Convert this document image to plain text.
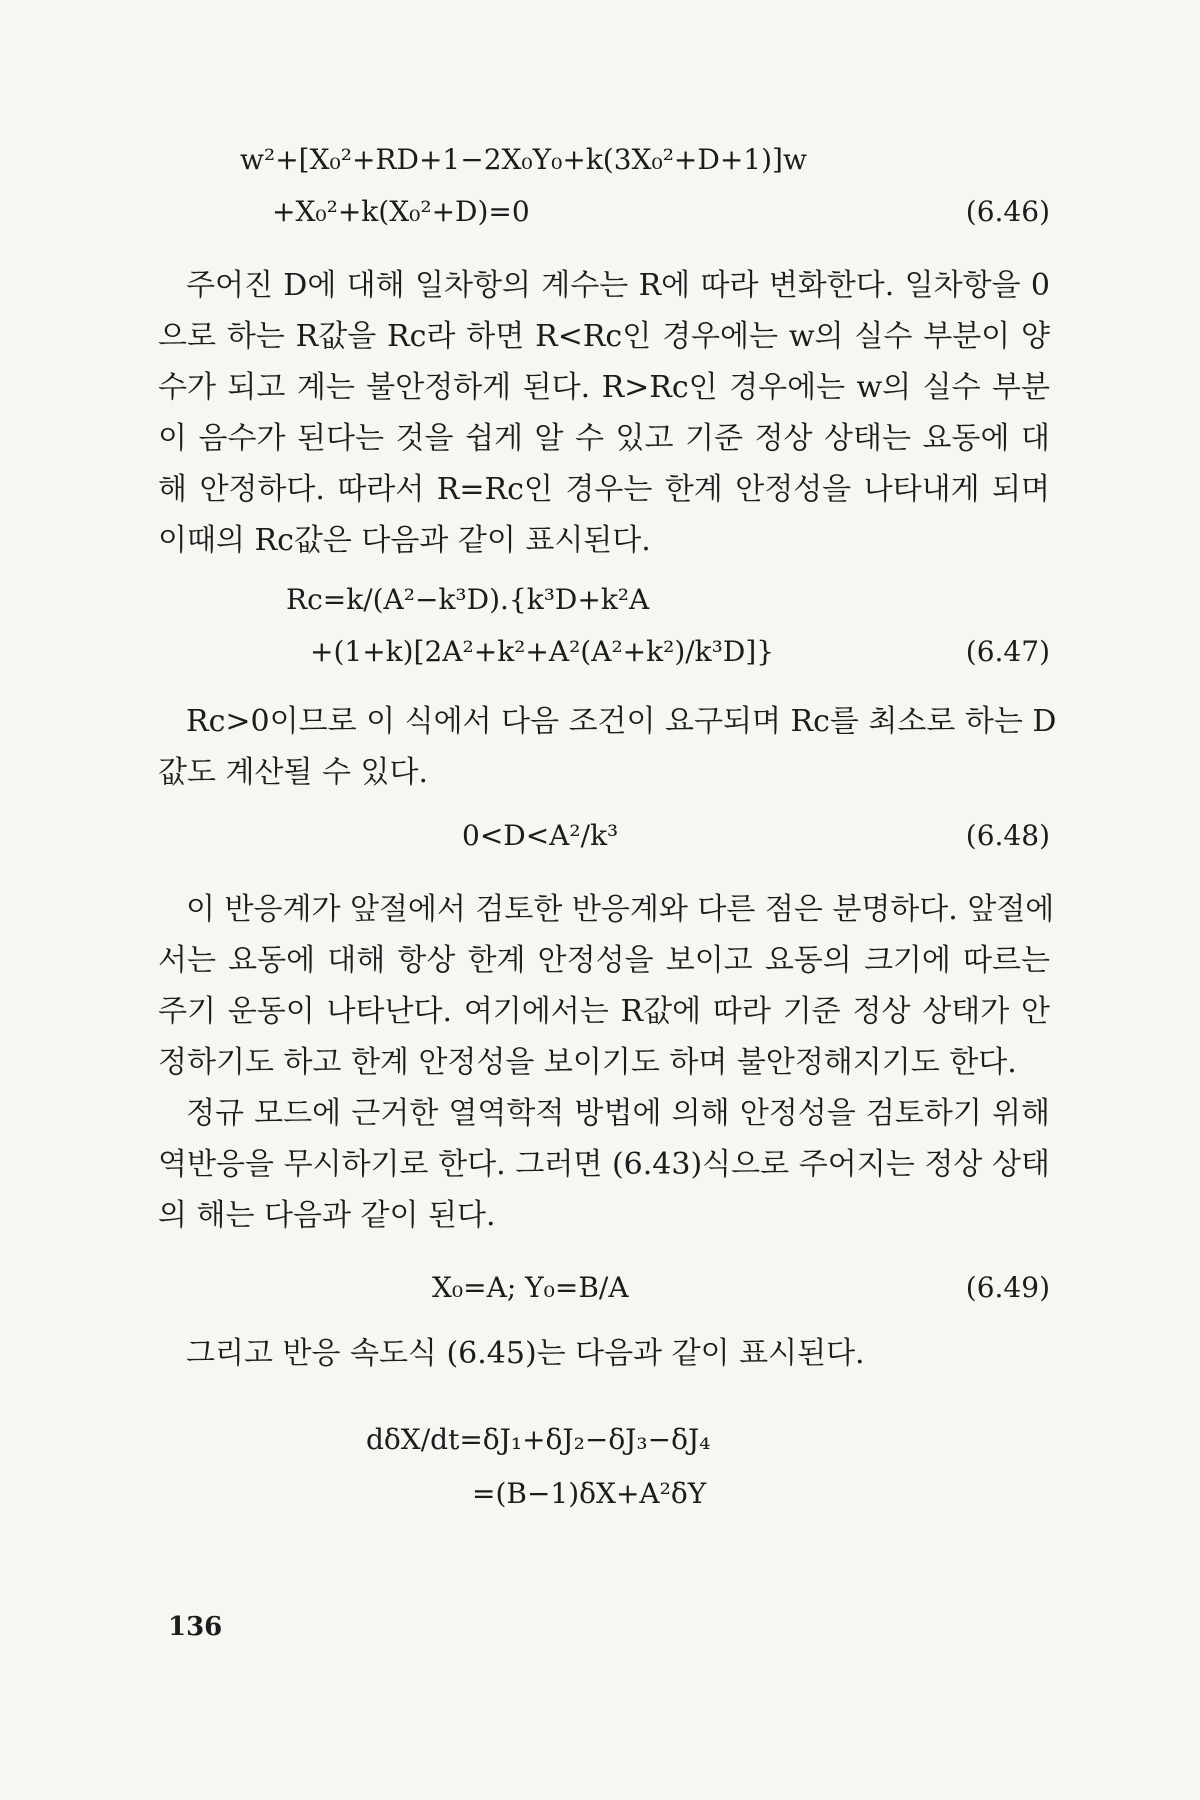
w²+[X₀²+RD+1−2X₀Y₀+k(3X₀²+D+1)]w
+X₀²+k(X₀²+D)=0	(6.46)
주어진 D에 대해 일차항의 계수는 R에 따라 변화한다. 일차항을 0
으로 하는 R값을 Rc라 하면 R<Rc인 경우에는 w의 실수 부분이 양
수가 되고 계는 불안정하게 된다. R>Rc인 경우에는 w의 실수 부분
이 음수가 된다는 것을 쉽게 알 수 있고 기준 정상 상태는 요동에 대
해 안정하다. 따라서 R=Rc인 경우는 한계 안정성을 나타내게 되며
이때의 Rc값은 다음과 같이 표시된다.
Rc=k/(A²−k³D).{k³D+k²A
+(1+k)[2A²+k²+A²(A²+k²)/k³D]}	(6.47)
Rc>0이므로 이 식에서 다음 조건이 요구되며 Rc를 최소로 하는 D
값도 계산될 수 있다.
0<D<A²/k³	(6.48)
이 반응계가 앞절에서 검토한 반응계와 다른 점은 분명하다. 앞절에
서는 요동에 대해 항상 한계 안정성을 보이고 요동의 크기에 따르는
주기 운동이 나타난다. 여기에서는 R값에 따라 기준 정상 상태가 안
정하기도 하고 한계 안정성을 보이기도 하며 불안정해지기도 한다.
정규 모드에 근거한 열역학적 방법에 의해 안정성을 검토하기 위해
역반응을 무시하기로 한다. 그러면 (6.43)식으로 주어지는 정상 상태
의 해는 다음과 같이 된다.
X₀=A; Y₀=B/A	(6.49)
그리고 반응 속도식 (6.45)는 다음과 같이 표시된다.
dδX/dt=δJ₁+δJ₂−δJ₃−δJ₄
=(B−1)δX+A²δY
136
